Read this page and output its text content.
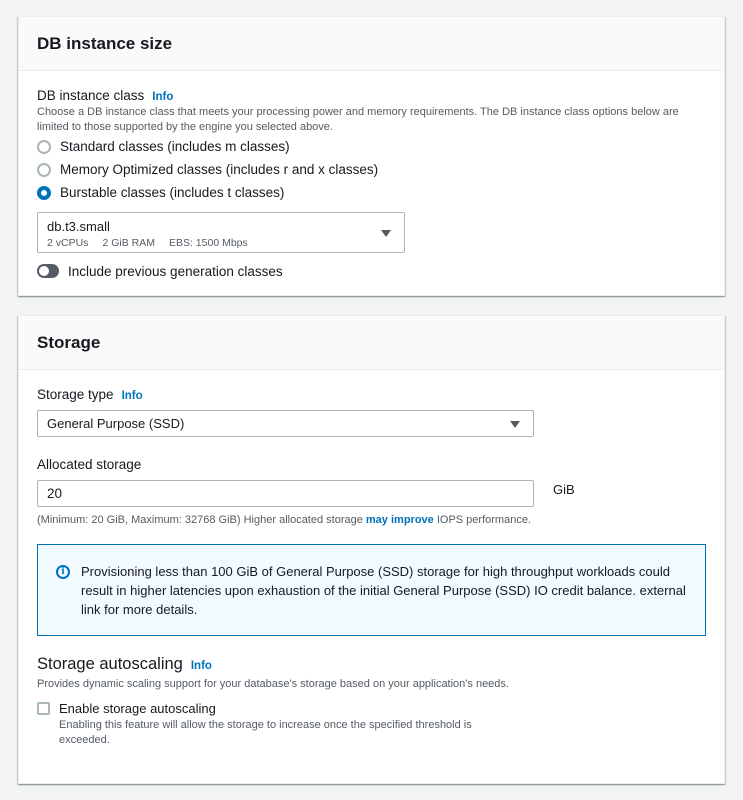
DB instance size
DB instance class Info
Choose a DB instance class that meets your processing power and memory requirements. The DB instance class options below are limited to those supported by the engine you selected above.
Standard classes (includes m classes)
Memory Optimized classes (includes r and x classes)
Burstable classes (includes t classes)
db.t3.small
2 vCPUs 2 GiB RAM EBS: 1500 Mbps
Include previous generation classes
Storage
Storage type Info
General Purpose (SSD)
Allocated storage
20	GiB
(Minimum: 20 GiB, Maximum: 32768 GiB) Higher allocated storage may improve IOPS performance.
i	Provisioning less than 100 GiB of General Purpose (SSD) storage for high throughput workloads could result in higher latencies upon exhaustion of the initial General Purpose (SSD) IO credit balance. external link for more details.
Storage autoscaling Info
Provides dynamic scaling support for your database's storage based on your application's needs.
Enable storage autoscaling
Enabling this feature will allow the storage to increase once the specified threshold is exceeded.
